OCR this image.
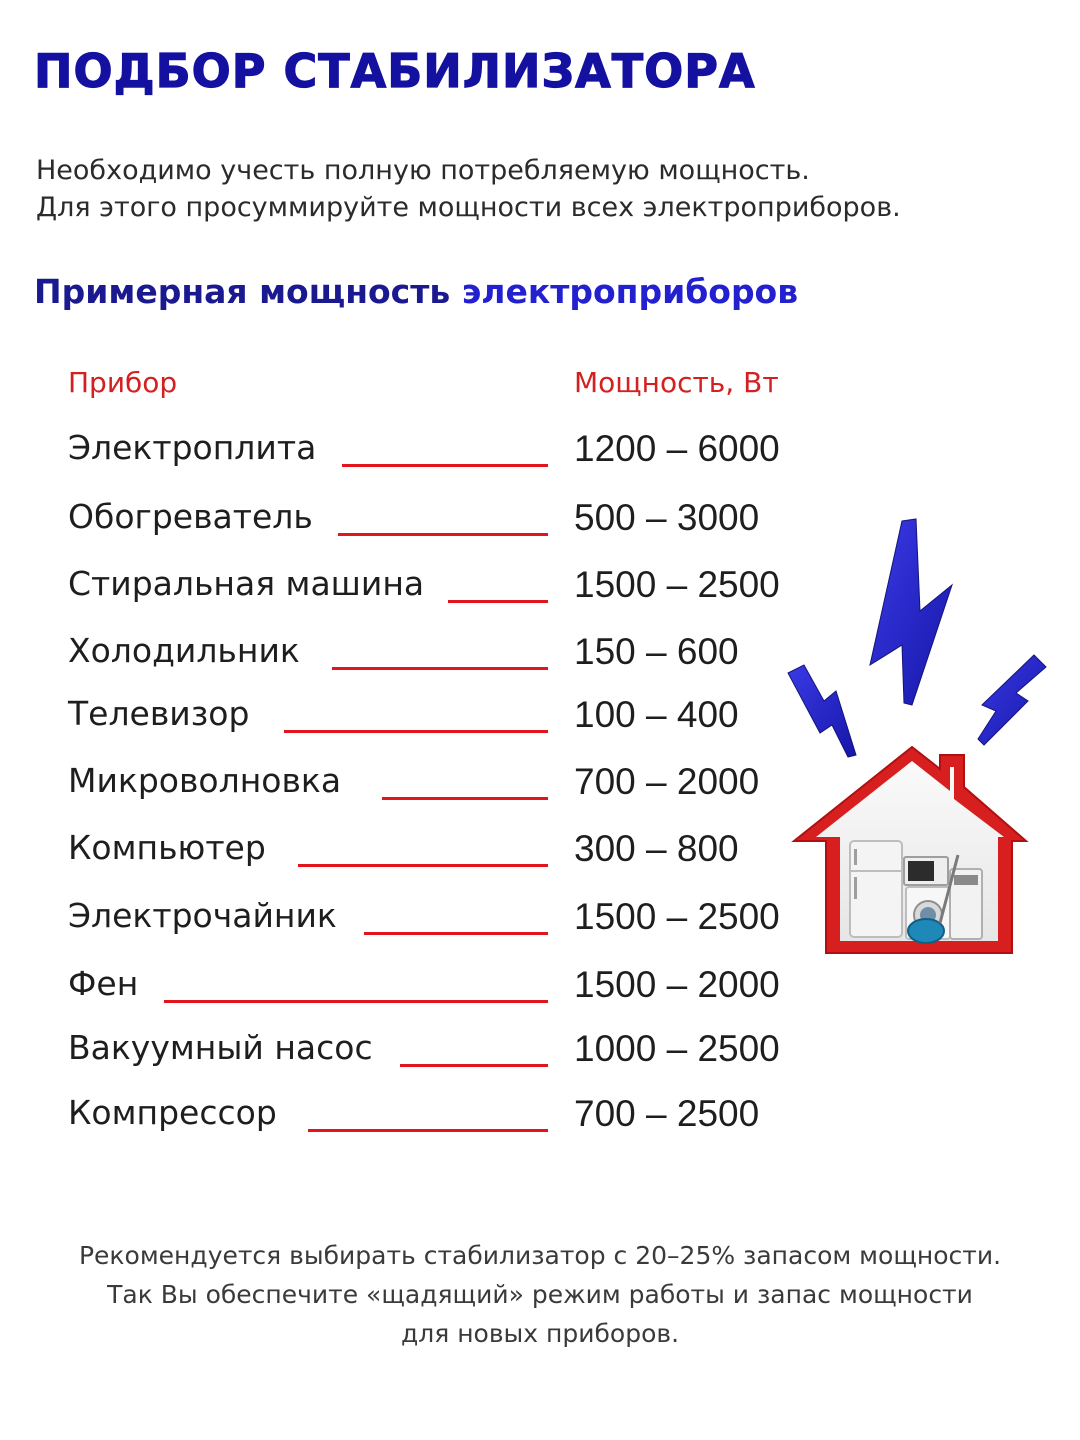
ПОДБОР СТАБИЛИЗАТОРА
Необходимо учесть полную потребляемую мощность.
Для этого просуммируйте мощности всех электроприборов.
Примерная мощность электроприборов
Прибор	Мощность, Вт
Электроплита	1200 – 6000
Обогреватель	500 – 3000
Стиральная машина	1500 – 2500
Холодильник	150 – 600
Телевизор	100 – 400
Микроволновка	700 – 2000
Компьютер	300 – 800
Электрочайник	1500 – 2500
Фен	1500 – 2000
Вакуумный насос	1000 – 2500
Компрессор	700 – 2500
Рекомендуется выбирать стабилизатор с 20–25% запасом мощности.
Так Вы обеспечите «щадящий» режим работы и запас мощности
для новых приборов.
